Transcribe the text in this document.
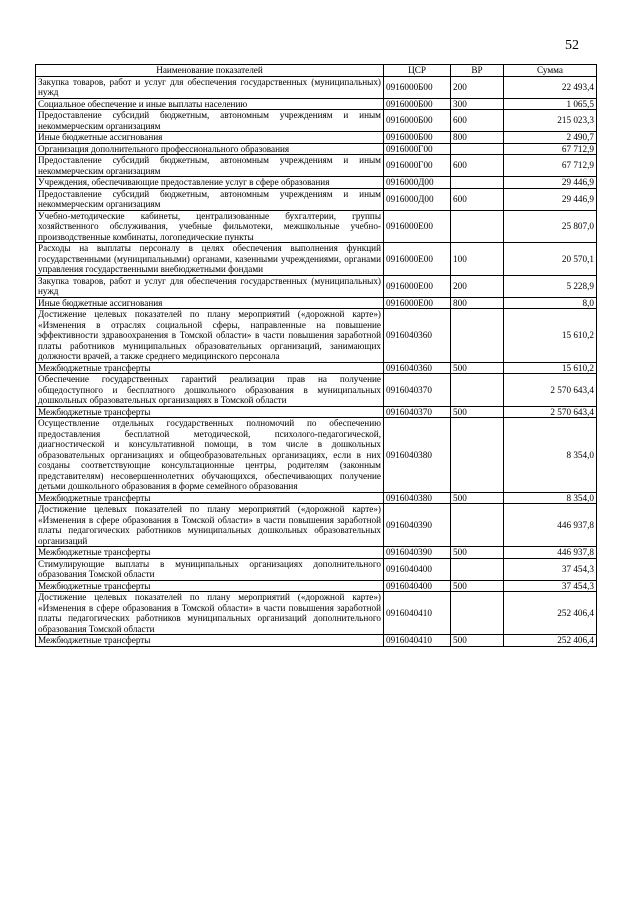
52
Наименование показателей	ЦСР	ВР	Сумма
Закупка товаров, работ и услуг для обеспечения государственных (муниципальных) нужд	0916000Б00	200	22 493,4
Социальное обеспечение и иные выплаты населению	0916000Б00	300	1 065,5
Предоставление субсидий бюджетным, автономным учреждениям и иным некоммерческим организациям	0916000Б00	600	215 023,3
Иные бюджетные ассигнования	0916000Б00	800	2 490,7
Организация дополнительного профессионального образования	0916000Г00		67 712,9
Предоставление субсидий бюджетным, автономным учреждениям и иным некоммерческим организациям	0916000Г00	600	67 712,9
Учреждения, обеспечивающие предоставление услуг в сфере образования	0916000Д00		29 446,9
Предоставление субсидий бюджетным, автономным учреждениям и иным некоммерческим организациям	0916000Д00	600	29 446,9
Учебно-методические кабинеты, централизованные бухгалтерии, группы хозяйственного обслуживания, учебные фильмотеки, межшкольные учебно-производственные комбинаты, логопедические пункты	0916000Е00		25 807,0
Расходы на выплаты персоналу в целях обеспечения выполнения функций государственными (муниципальными) органами, казенными учреждениями, органами управления государственными внебюджетными фондами	0916000Е00	100	20 570,1
Закупка товаров, работ и услуг для обеспечения государственных (муниципальных) нужд	0916000Е00	200	5 228,9
Иные бюджетные ассигнования	0916000Е00	800	8,0
Достижение целевых показателей по плану мероприятий («дорожной карте») «Изменения в отраслях социальной сферы, направленные на повышение эффективности здравоохранения в Томской области» в части повышения заработной платы работников муниципальных образовательных организаций, занимающих должности врачей, а также среднего медицинского персонала	0916040360		15 610,2
Межбюджетные трансферты	0916040360	500	15 610,2
Обеспечение государственных гарантий реализации прав на получение общедоступного и бесплатного дошкольного образования в муниципальных дошкольных образовательных организациях в Томской области	0916040370		2 570 643,4
Межбюджетные трансферты	0916040370	500	2 570 643,4
Осуществление отдельных государственных полномочий по обеспечению предоставления бесплатной методической, психолого-педагогической, диагностической и консультативной помощи, в том числе в дошкольных образовательных организациях и общеобразовательных организациях, если в них созданы соответствующие консультационные центры, родителям (законным представителям) несовершеннолетних обучающихся, обеспечивающих получение детьми дошкольного образования в форме семейного образования	0916040380		8 354,0
Межбюджетные трансферты	0916040380	500	8 354,0
Достижение целевых показателей по плану мероприятий («дорожной карте») «Изменения в сфере образования в Томской области» в части повышения заработной платы педагогических работников муниципальных дошкольных образовательных организаций	0916040390		446 937,8
Межбюджетные трансферты	0916040390	500	446 937,8
Стимулирующие выплаты в муниципальных организациях дополнительного образования Томской области	0916040400		37 454,3
Межбюджетные трансферты	0916040400	500	37 454,3
Достижение целевых показателей по плану мероприятий («дорожной карте») «Изменения в сфере образования в Томской области» в части повышения заработной платы педагогических работников муниципальных организаций дополнительного образования Томской области	0916040410		252 406,4
Межбюджетные трансферты	0916040410	500	252 406,4
